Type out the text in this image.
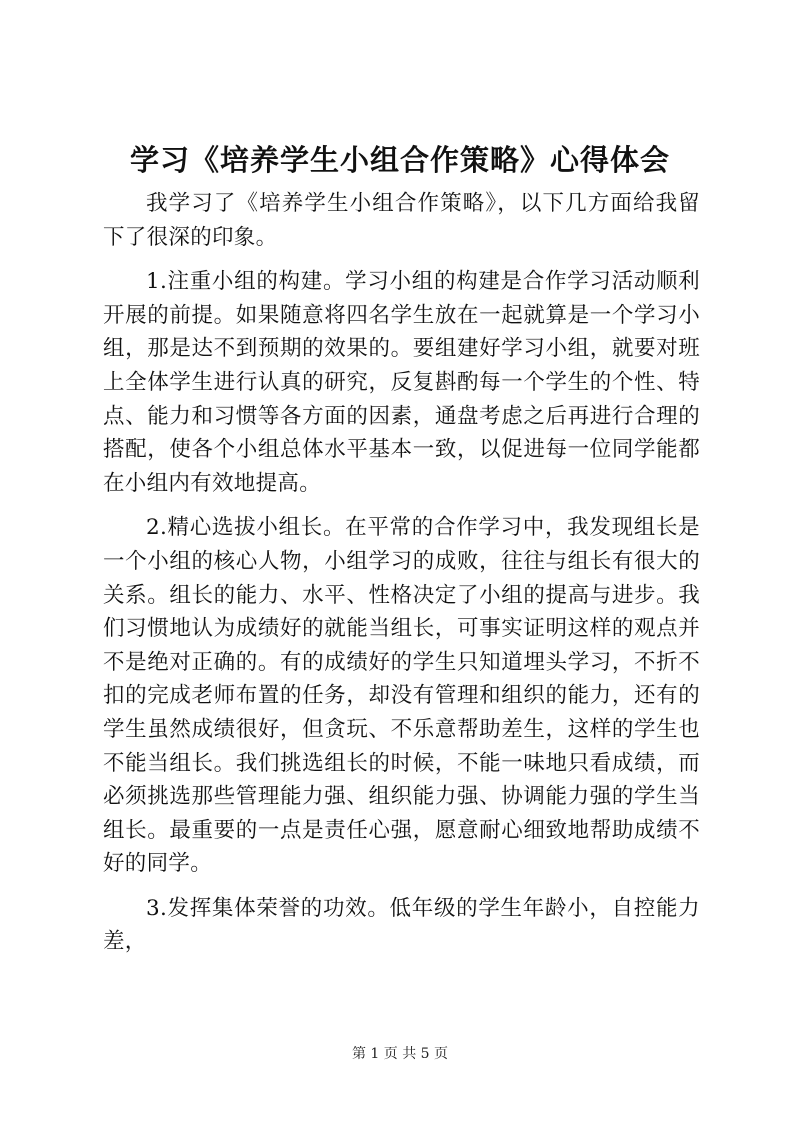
学习《培养学生小组合作策略》心得体会

我学习了《培养学生小组合作策略》，以下几方面给我留下了很深的印象。

1.注重小组的构建。学习小组的构建是合作学习活动顺利开展的前提。如果随意将四名学生放在一起就算是一个学习小组，那是达不到预期的效果的。要组建好学习小组，就要对班上全体学生进行认真的研究，反复斟酌每一个学生的个性、特点、能力和习惯等各方面的因素，通盘考虑之后再进行合理的搭配，使各个小组总体水平基本一致，以促进每一位同学能都在小组内有效地提高。

2.精心选拔小组长。在平常的合作学习中，我发现组长是一个小组的核心人物，小组学习的成败，往往与组长有很大的关系。组长的能力、水平、性格决定了小组的提高与进步。我们习惯地认为成绩好的就能当组长，可事实证明这样的观点并不是绝对正确的。有的成绩好的学生只知道埋头学习，不折不扣的完成老师布置的任务，却没有管理和组织的能力，还有的学生虽然成绩很好，但贪玩、不乐意帮助差生，这样的学生也不能当组长。我们挑选组长的时候，不能一味地只看成绩，而必须挑选那些管理能力强、组织能力强、协调能力强的学生当组长。最重要的一点是责任心强，愿意耐心细致地帮助成绩不好的同学。

3.发挥集体荣誉的功效。低年级的学生年龄小，自控能力差，

第 1 页 共 5 页
